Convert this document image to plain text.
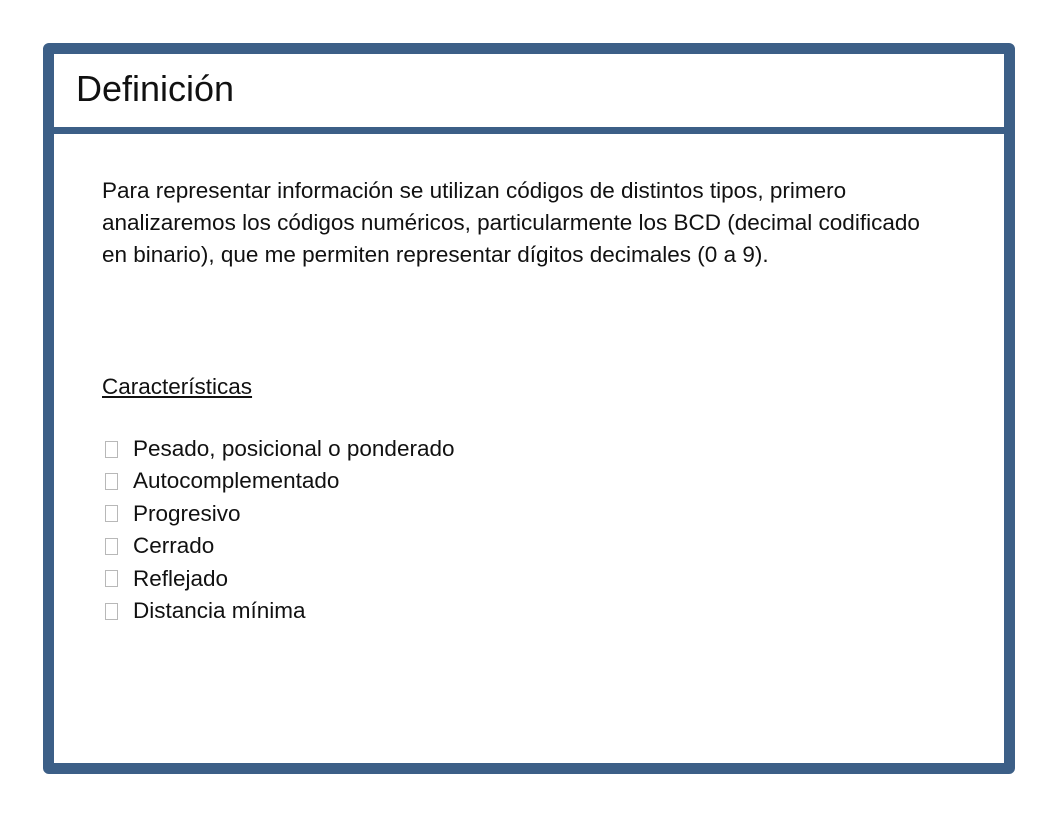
Definición

Para representar información se utilizan códigos de distintos tipos, primero analizaremos los códigos numéricos, particularmente los BCD (decimal codificado en binario), que me permiten representar dígitos decimales (0 a 9).

Características
Pesado, posicional o ponderado
Autocomplementado
Progresivo
Cerrado
Reflejado
Distancia mínima
